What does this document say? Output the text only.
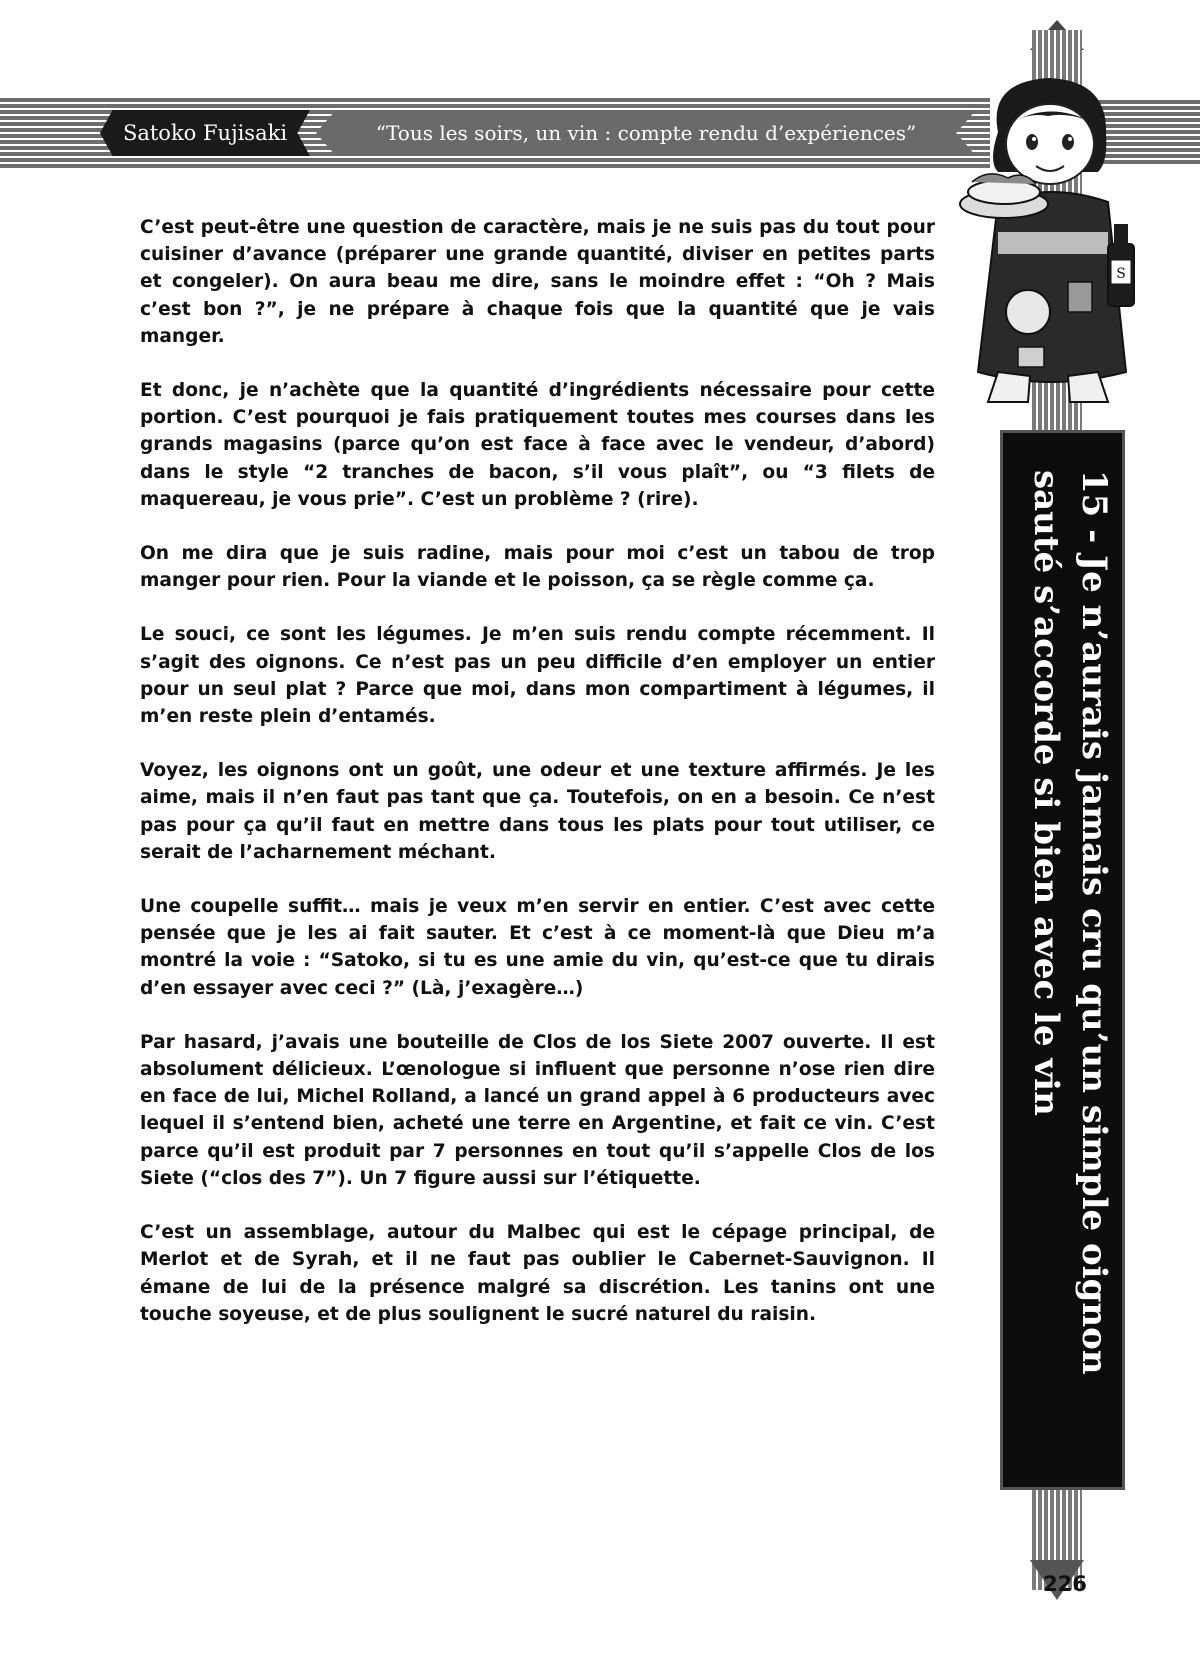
Satoko Fujisaki	“Tous les soirs, un vin : compte rendu d’expériences”
S
15 - Je n’aurais jamais cru qu’un simple oignon sauté s’accorde si bien avec le vin

C’est peut-être une question de caractère, mais je ne suis pas du tout pour cuisiner d’avance (préparer une grande quantité, diviser en petites parts et congeler). On aura beau me dire, sans le moindre effet : “Oh ? Mais c’est bon ?”, je ne prépare à chaque fois que la quantité que je vais manger.

Et donc, je n’achète que la quantité d’ingrédients nécessaire pour cette portion. C’est pourquoi je fais pratiquement toutes mes courses dans les grands magasins (parce qu’on est face à face avec le vendeur, d’abord) dans le style “2 tranches de bacon, s’il vous plaît”, ou “3 filets de maquereau, je vous prie”. C’est un problème ? (rire).

On me dira que je suis radine, mais pour moi c’est un tabou de trop manger pour rien. Pour la viande et le poisson, ça se règle comme ça.

Le souci, ce sont les légumes. Je m’en suis rendu compte récemment. Il s’agit des oignons. Ce n’est pas un peu difficile d’en employer un entier pour un seul plat ? Parce que moi, dans mon compartiment à légumes, il m’en reste plein d’entamés.

Voyez, les oignons ont un goût, une odeur et une texture affirmés. Je les aime, mais il n’en faut pas tant que ça. Toutefois, on en a besoin. Ce n’est pas pour ça qu’il faut en mettre dans tous les plats pour tout utiliser, ce serait de l’acharnement méchant.

Une coupelle suffit… mais je veux m’en servir en entier. C’est avec cette pensée que je les ai fait sauter. Et c’est à ce moment-là que Dieu m’a montré la voie : “Satoko, si tu es une amie du vin, qu’est-ce que tu dirais d’en essayer avec ceci ?” (Là, j’exagère…)

Par hasard, j’avais une bouteille de Clos de los Siete 2007 ouverte. Il est absolument délicieux. L’œnologue si influent que personne n’ose rien dire en face de lui, Michel Rolland, a lancé un grand appel à 6 producteurs avec lequel il s’entend bien, acheté une terre en Argentine, et fait ce vin. C’est parce qu’il est produit par 7 personnes en tout qu’il s’appelle Clos de los Siete (“clos des 7”). Un 7 figure aussi sur l’étiquette.

C’est un assemblage, autour du Malbec qui est le cépage principal, de Merlot et de Syrah, et il ne faut pas oublier le Cabernet-Sauvignon. Il émane de lui de la présence malgré sa discrétion. Les tanins ont une touche soyeuse, et de plus soulignent le sucré naturel du raisin.

226
